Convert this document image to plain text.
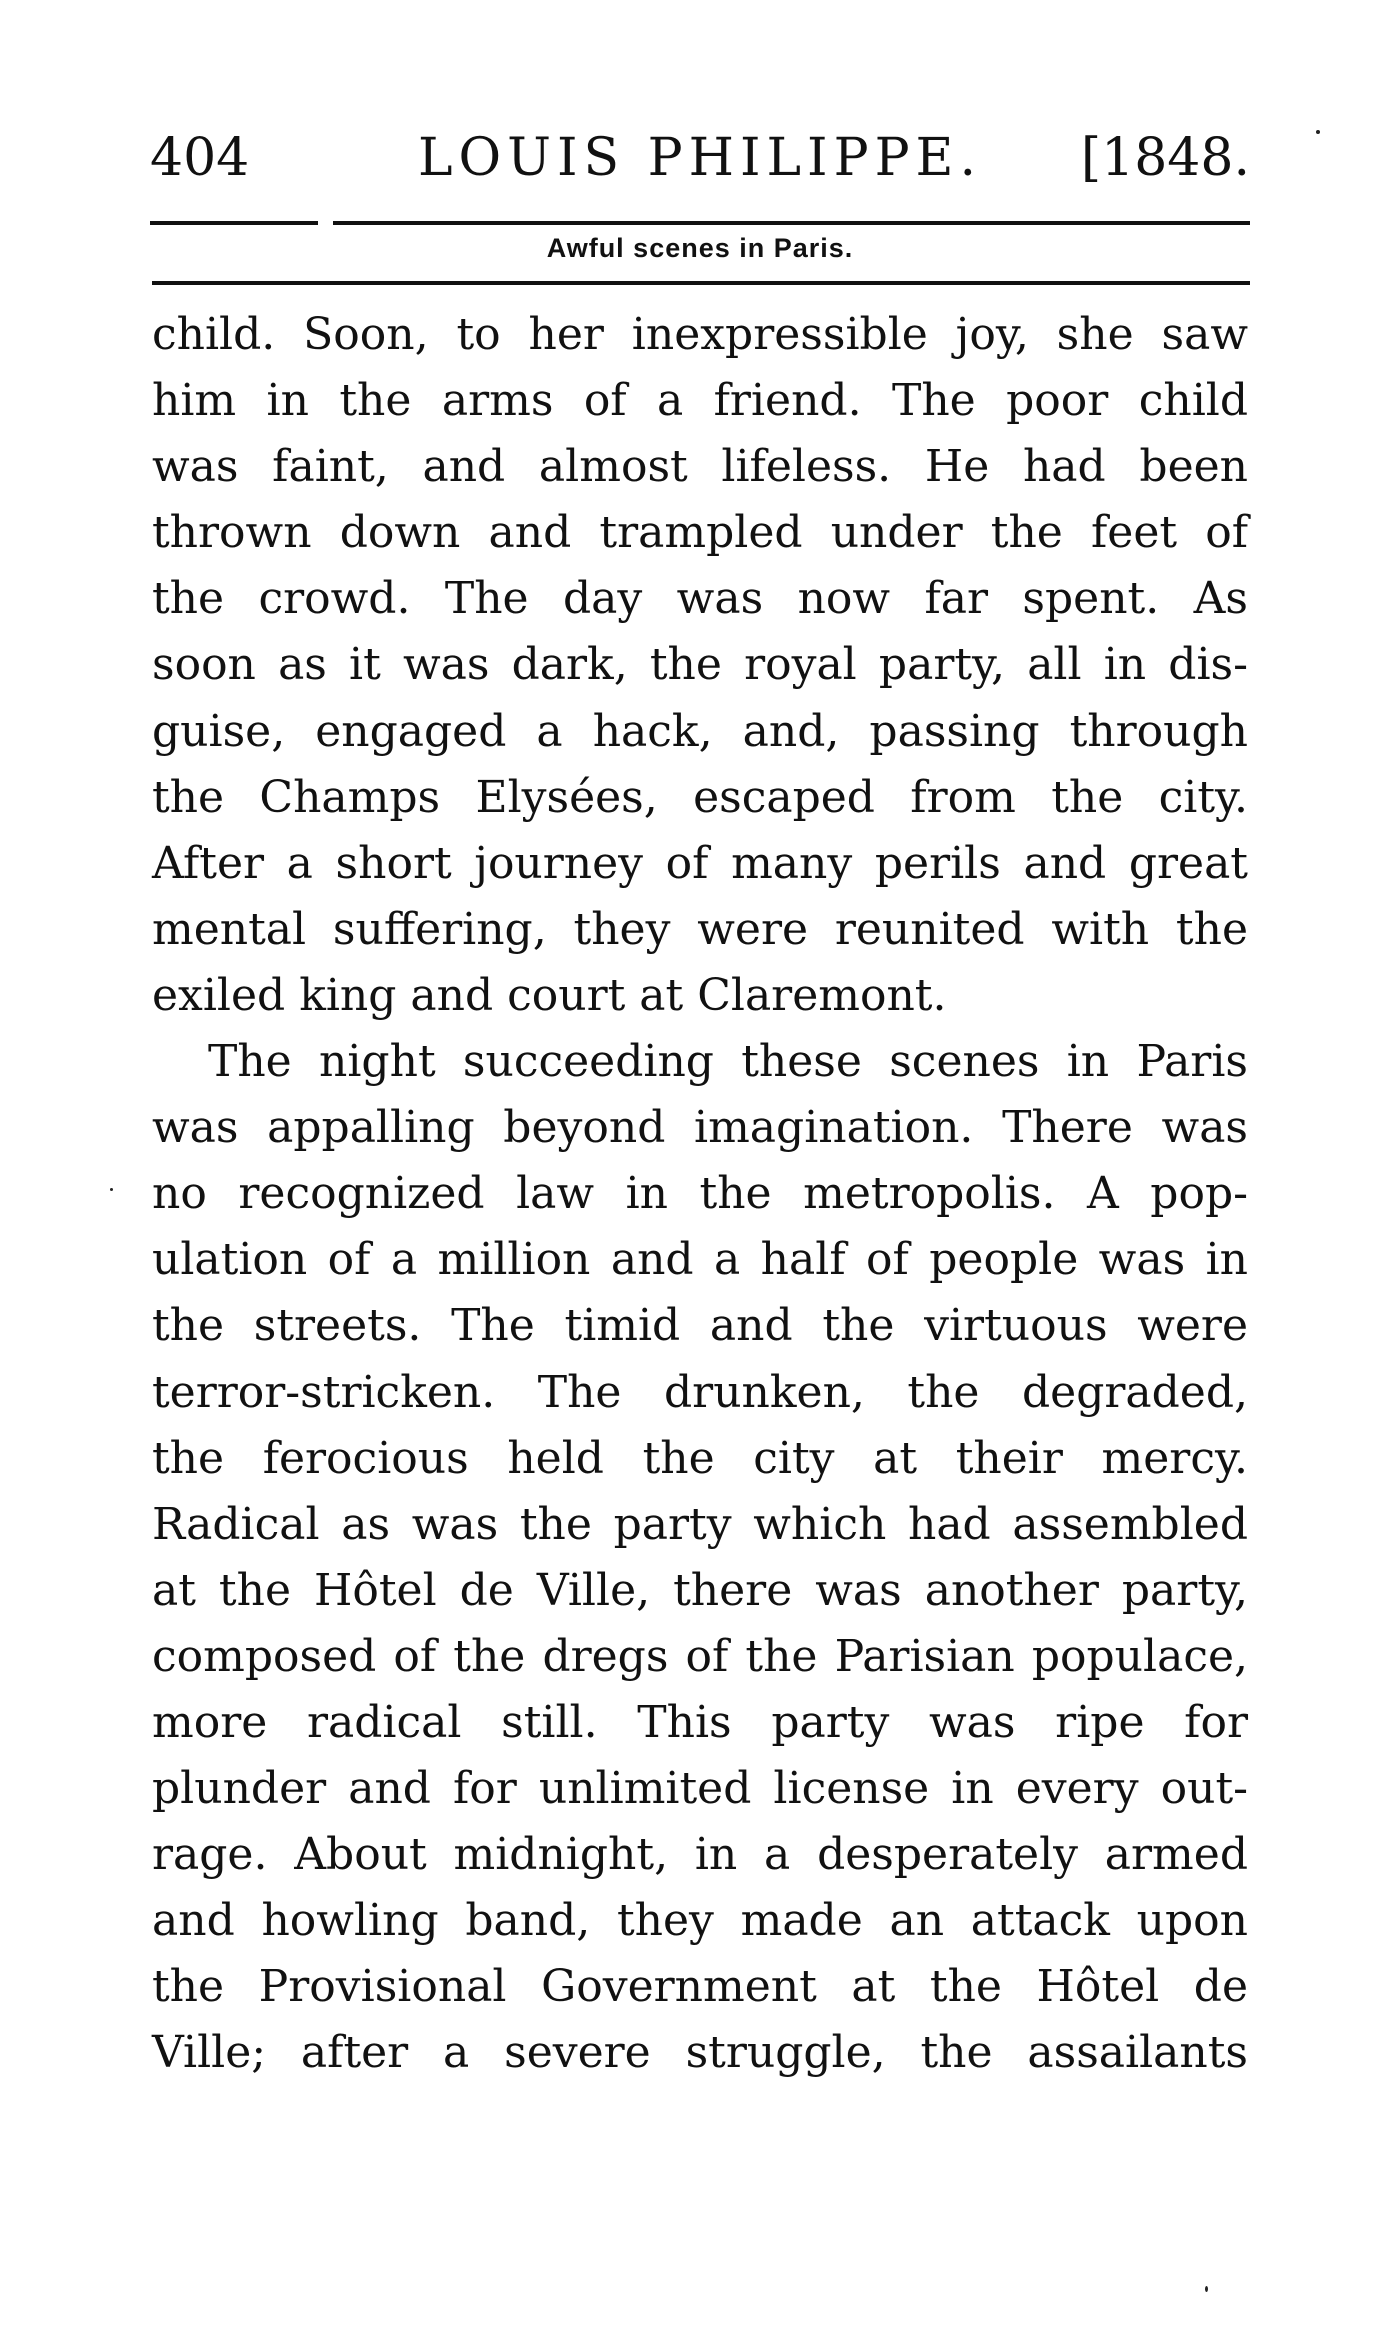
404	LOUIS PHILIPPE.	[1848.
Awful scenes in Paris.
child. Soon, to her inexpressible joy, she saw
him in the arms of a friend. The poor child
was faint, and almost lifeless. He had been
thrown down and trampled under the feet of
the crowd. The day was now far spent. As
soon as it was dark, the royal party, all in dis-
guise, engaged a hack, and, passing through
the Champs Elysées, escaped from the city.
After a short journey of many perils and great
mental suffering, they were reunited with the
exiled king and court at Claremont.
The night succeeding these scenes in Paris
was appalling beyond imagination. There was
no recognized law in the metropolis. A pop-
ulation of a million and a half of people was in
the streets. The timid and the virtuous were
terror-stricken. The drunken, the degraded,
the ferocious held the city at their mercy.
Radical as was the party which had assembled
at the Hôtel de Ville, there was another party,
composed of the dregs of the Parisian populace,
more radical still. This party was ripe for
plunder and for unlimited license in every out-
rage. About midnight, in a desperately armed
and howling band, they made an attack upon
the Provisional Government at the Hôtel de
Ville; after a severe struggle, the assailants
